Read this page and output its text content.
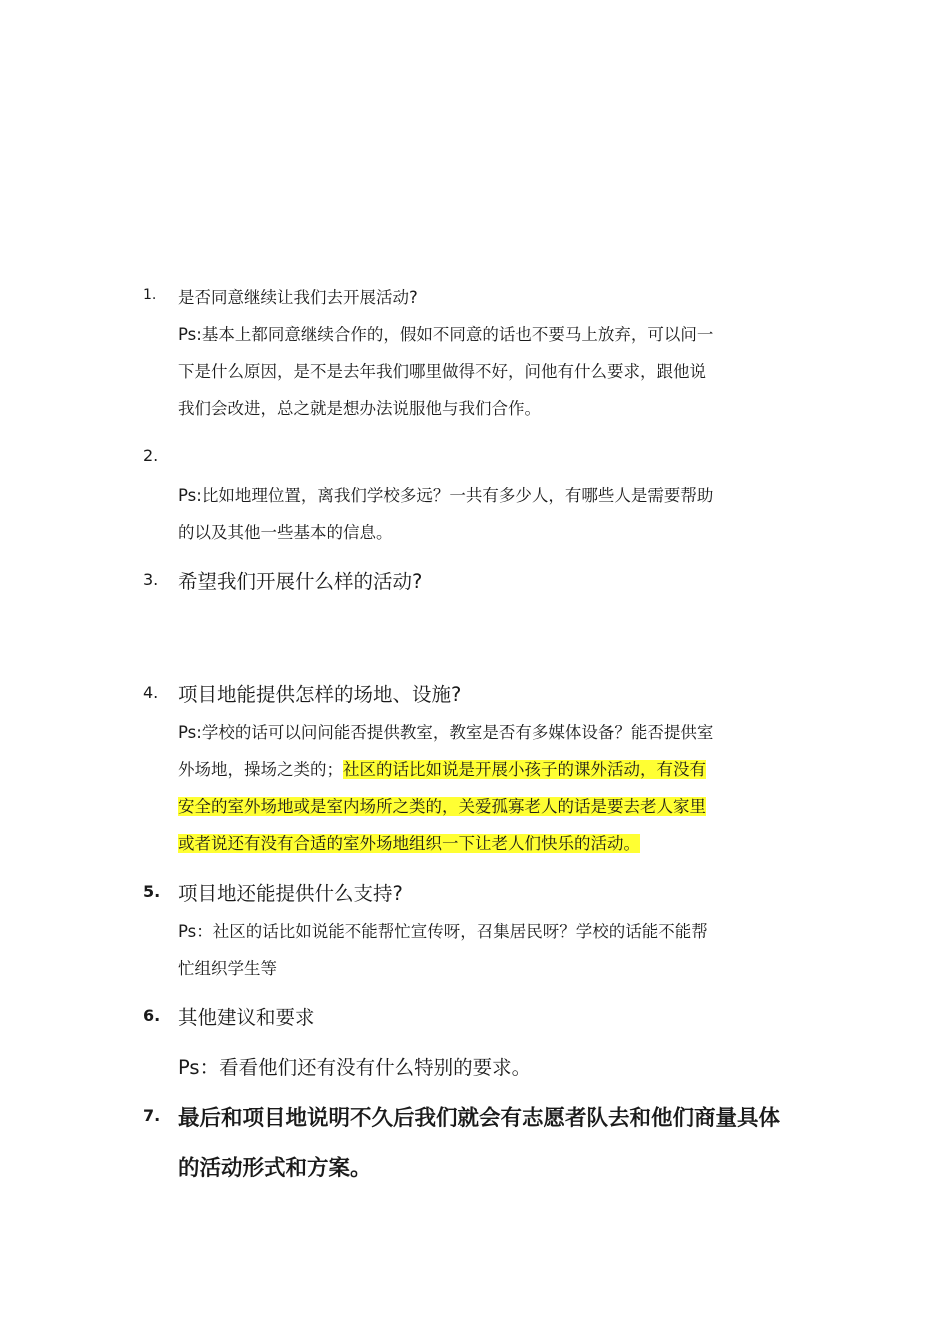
1.	是否同意继续让我们去开展活动?
Ps:基本上都同意继续合作的，假如不同意的话也不要马上放弃，可以问一
下是什么原因，是不是去年我们哪里做得不好，问他有什么要求，跟他说
我们会改进，总之就是想办法说服他与我们合作。
2.
Ps:比如地理位置，离我们学校多远？一共有多少人，有哪些人是需要帮助
的以及其他一些基本的信息。
3.	希望我们开展什么样的活动?
4.	项目地能提供怎样的场地、设施?
Ps:学校的话可以问问能否提供教室，教室是否有多媒体设备？能否提供室
外场地，操场之类的；社区的话比如说是开展小孩子的课外活动，有没有
安全的室外场地或是室内场所之类的，关爱孤寡老人的话是要去老人家里
或者说还有没有合适的室外场地组织一下让老人们快乐的活动。
5. 项目地还能提供什么支持?
Ps：社区的话比如说能不能帮忙宣传呀，召集居民呀？学校的话能不能帮
忙组织学生等
6. 其他建议和要求
Ps：看看他们还有没有什么特别的要求。
7. 最后和项目地说明不久后我们就会有志愿者队去和他们商量具体
的活动形式和方案。
